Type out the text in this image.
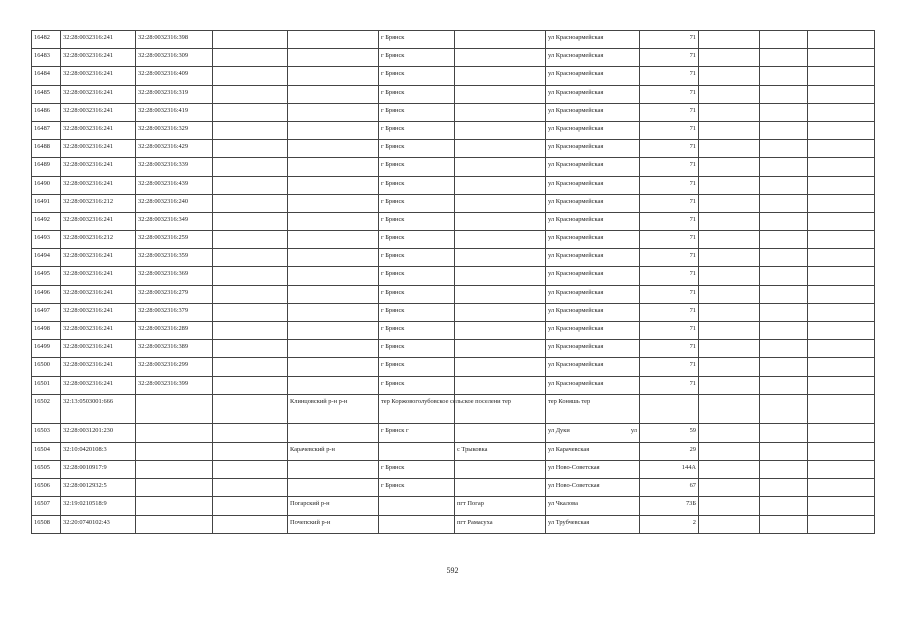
16482	32:28:0032316:241	32:28:0032316:398			г Брянск		ул Красноармейская	71			
16483	32:28:0032316:241	32:28:0032316:309			г Брянск		ул Красноармейская	71			
16484	32:28:0032316:241	32:28:0032316:409			г Брянск		ул Красноармейская	71			
16485	32:28:0032316:241	32:28:0032316:319			г Брянск		ул Красноармейская	71			
16486	32:28:0032316:241	32:28:0032316:419			г Брянск		ул Красноармейская	71			
16487	32:28:0032316:241	32:28:0032316:329			г Брянск		ул Красноармейская	71			
16488	32:28:0032316:241	32:28:0032316:429			г Брянск		ул Красноармейская	71			
16489	32:28:0032316:241	32:28:0032316:339			г Брянск		ул Красноармейская	71			
16490	32:28:0032316:241	32:28:0032316:439			г Брянск		ул Красноармейская	71			
16491	32:28:0032316:212	32:28:0032316:240			г Брянск		ул Красноармейская	71			
16492	32:28:0032316:241	32:28:0032316:349			г Брянск		ул Красноармейская	71			
16493	32:28:0032316:212	32:28:0032316:259			г Брянск		ул Красноармейская	71			
16494	32:28:0032316:241	32:28:0032316:359			г Брянск		ул Красноармейская	71			
16495	32:28:0032316:241	32:28:0032316:369			г Брянск		ул Красноармейская	71			
16496	32:28:0032316:241	32:28:0032316:279			г Брянск		ул Красноармейская	71			
16497	32:28:0032316:241	32:28:0032316:379			г Брянск		ул Красноармейская	71			
16498	32:28:0032316:241	32:28:0032316:289			г Брянск		ул Красноармейская	71			
16499	32:28:0032316:241	32:28:0032316:389			г Брянск		ул Красноармейская	71			
16500	32:28:0032316:241	32:28:0032316:299			г Брянск		ул Красноармейская	71			
16501	32:28:0032316:241	32:28:0032316:399			г Брянск		ул Красноармейская	71			
16502	32:13:0503001:666			Клинцовский р-н р-н	тер Коржовоголубовское сельское поселени тер		тер Коняшь тер				
16503	32:28:0031201:230				г Брянск г		ул Дуки ул	59			
16504	32:10:0420108:3			Карачевский р-н		с Трыковка	ул Карачевская	29			
16505	32:28:0010917:9				г Брянск		ул Ново-Советская	144А			
16506	32:28:0012932:5				г Брянск		ул Ново-Советская	67			
16507	32:19:0210518:9			Погарский р-н		пгт Погар	ул Чкалова	73Б			
16508	32:20:0740102:43			Почепский р-н		пгт Рамасуха	ул Трубчевская	2			
592
